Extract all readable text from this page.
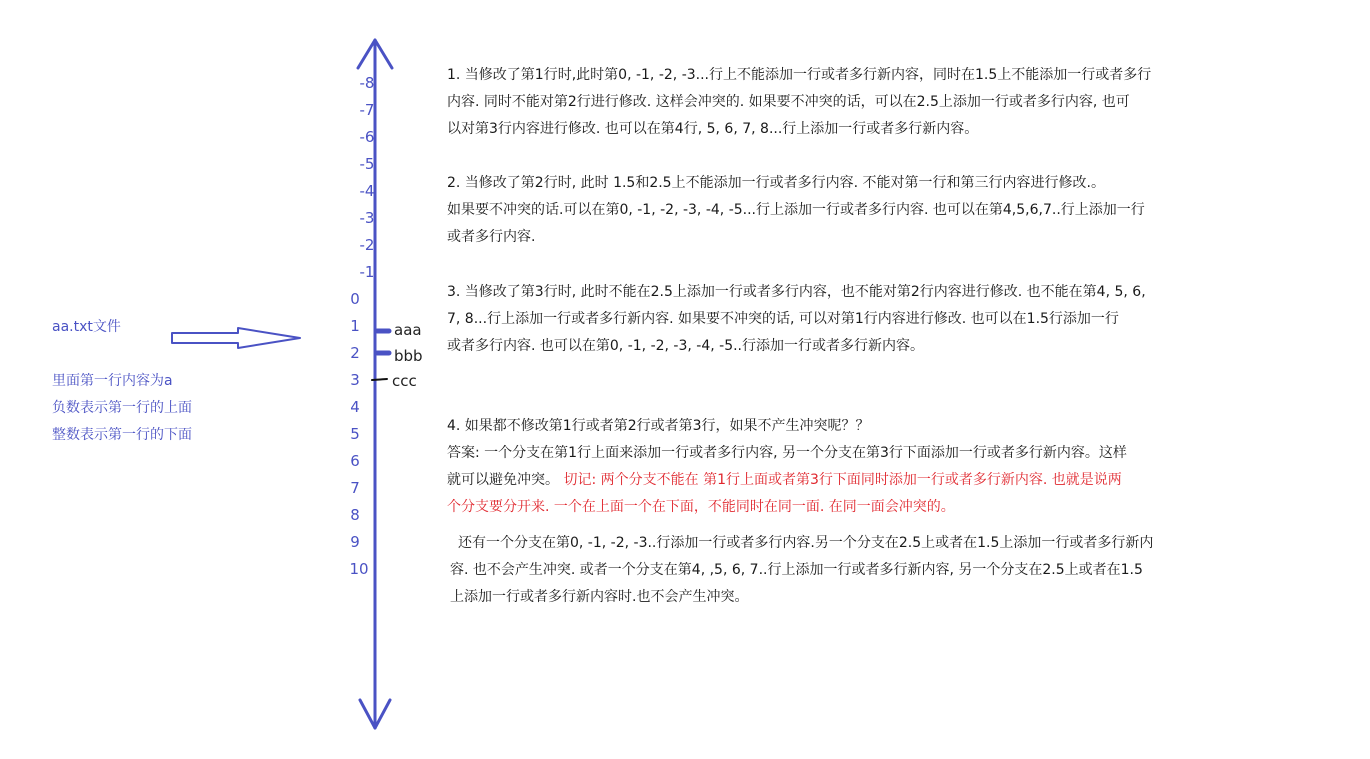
aa.txt文件
里面第一行内容为a
负数表示第一行的上面
整数表示第一行的下面
-8
-7
-6
-5
-4
-3
-2
-1
0
1
2
3
4
5
6
7
8
9
10
aaa
bbb
ccc
1. 当修改了第1行时,此时第0, -1, -2, -3...行上不能添加一行或者多行新内容，同时在1.5上不能添加一行或者多行
内容. 同时不能对第2行进行修改. 这样会冲突的. 如果要不冲突的话，可以在2.5上添加一行或者多行内容, 也可
以对第3行内容进行修改. 也可以在第4行, 5, 6, 7, 8...行上添加一行或者多行新内容。
2. 当修改了第2行时, 此时 1.5和2.5上不能添加一行或者多行内容. 不能对第一行和第三行内容进行修改.。
如果要不冲突的话.可以在第0, -1, -2, -3, -4, -5...行上添加一行或者多行内容. 也可以在第4,5,6,7..行上添加一行
或者多行内容.
3. 当修改了第3行时, 此时不能在2.5上添加一行或者多行内容，也不能对第2行内容进行修改. 也不能在第4, 5, 6,
7, 8...行上添加一行或者多行新内容. 如果要不冲突的话, 可以对第1行内容进行修改. 也可以在1.5行添加一行
或者多行内容. 也可以在第0, -1, -2, -3, -4, -5..行添加一行或者多行新内容。
4. 如果都不修改第1行或者第2行或者第3行，如果不产生冲突呢？？
答案: 一个分支在第1行上面来添加一行或者多行内容, 另一个分支在第3行下面添加一行或者多行新内容。这样
就可以避免冲突。 切记: 两个分支不能在 第1行上面或者第3行下面同时添加一行或者多行新内容. 也就是说两
个分支要分开来. 一个在上面一个在下面，不能同时在同一面. 在同一面会冲突的。
还有一个分支在第0, -1, -2, -3..行添加一行或者多行内容.另一个分支在2.5上或者在1.5上添加一行或者多行新内
容. 也不会产生冲突. 或者一个分支在第4, ,5, 6, 7..行上添加一行或者多行新内容, 另一个分支在2.5上或者在1.5
上添加一行或者多行新内容时.也不会产生冲突。
